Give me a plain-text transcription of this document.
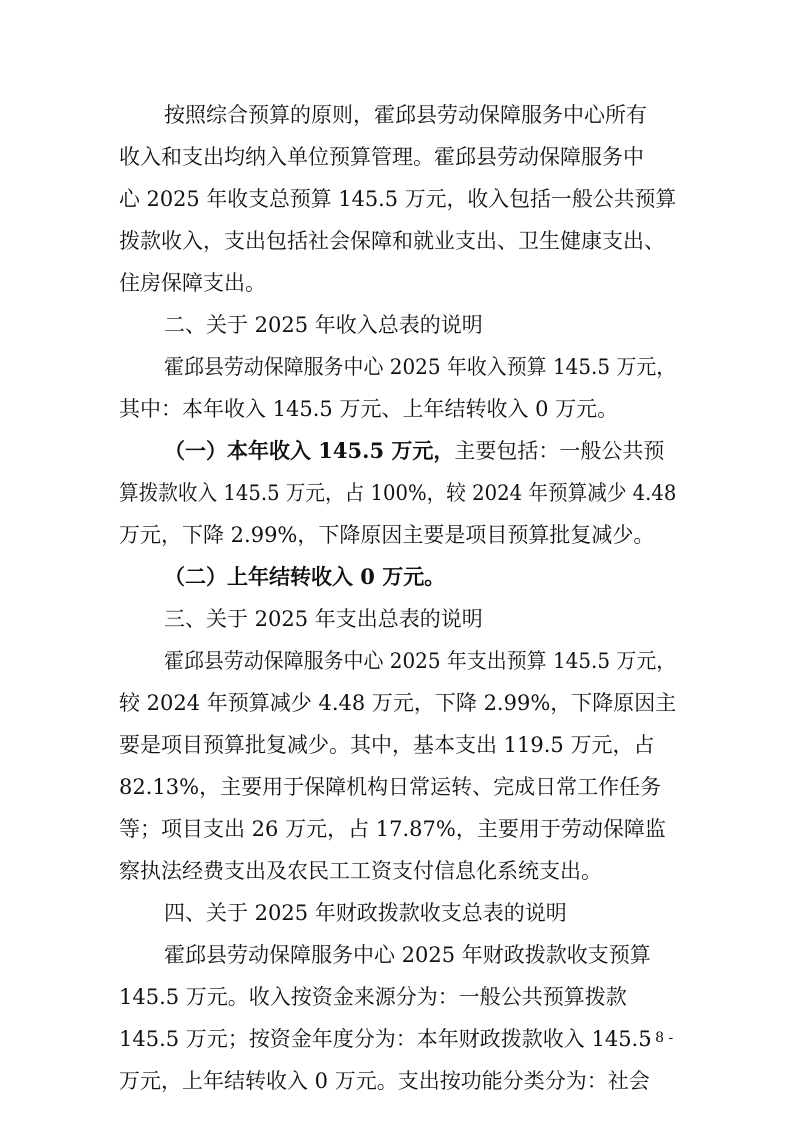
按照综合预算的原则，霍邱县劳动保障服务中心所有
收入和支出均纳入单位预算管理。霍邱县劳动保障服务中
心 2025 年收支总预算 145.5 万元，收入包括一般公共预算
拨款收入，支出包括社会保障和就业支出、卫生健康支出、
住房保障支出。
二、关于 2025 年收入总表的说明
霍邱县劳动保障服务中心 2025 年收入预算 145.5 万元，
其中：本年收入 145.5 万元、上年结转收入 0 万元。
（一）本年收入 145.5 万元，主要包括：一般公共预
算拨款收入 145.5 万元，占 100%，较 2024 年预算减少 4.48
万元，下降 2.99%，下降原因主要是项目预算批复减少。
（二）上年结转收入 0 万元。
三、关于 2025 年支出总表的说明
霍邱县劳动保障服务中心 2025 年支出预算 145.5 万元，
较 2024 年预算减少 4.48 万元，下降 2.99%，下降原因主
要是项目预算批复减少。其中，基本支出 119.5 万元，占
82.13%，主要用于保障机构日常运转、完成日常工作任务
等；项目支出 26 万元，占 17.87%，主要用于劳动保障监
察执法经费支出及农民工工资支付信息化系统支出。
四、关于 2025 年财政拨款收支总表的说明
霍邱县劳动保障服务中心 2025 年财政拨款收支预算
145.5 万元。收入按资金来源分为：一般公共预算拨款
145.5 万元；按资金年度分为：本年财政拨款收入 145.5
万元，上年结转收入 0 万元。支出按功能分类分为：社会
- 8 -
